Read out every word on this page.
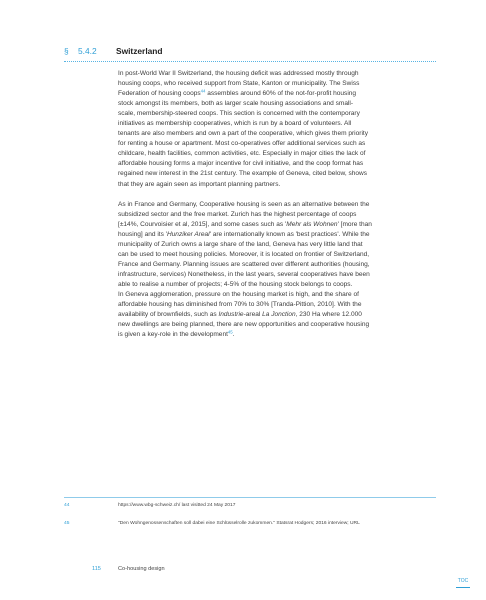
§	5.4.2	Switzerland

In post-World War II Switzerland, the housing deficit was addressed mostly through
housing coops, who received support from State, Kanton or municipality. The Swiss
Federation of housing coops$^{44}$ assembles around 60% of the not-for-profit housing
stock amongst its members, both as larger scale housing associations and small-
scale, membership-steered coops. This section is concerned with the contemporary
initiatives as membership cooperatives, which is run by a board of volunteers. All
tenants are also members and own a part of the cooperative, which gives them priority
for renting a house or apartment. Most co-operatives offer additional services such as
childcare, health facilities, common activities, etc. Especially in major cities the lack of
affordable housing forms a major incentive for civil initiative, and the coop format has
regained new interest in the 21st century. The example of Geneva, cited below, shows
that they are again seen as important planning partners.

As in France and Germany, Cooperative housing is seen as an alternative between the
subsidized sector and the free market. Zurich has the highest percentage of coops
[±14%, Courvoisier et al, 2015], and some cases such as 'Mehr als Wohnen' [more than
housing] and its 'Hunziker Areal' are internationally known as 'best practices'. While the
municipality of Zurich owns a large share of the land, Geneva has very little land that
can be used to meet housing policies. Moreover, it is located on frontier of Switzerland,
France and Germany. Planning issues are scattered over different authorities (housing,
infrastructure, services) Nonetheless, in the last years, several cooperatives have been
able to realise a number of projects; 4-5% of the housing stock belongs to coops.
In Geneva agglomeration, pressure on the housing market is high, and the share of
affordable housing has diminished from 70% to 30% [Tranda-Pittion, 2010]. With the
availability of brownfields, such as Industrie-areal La Jonction, 230 Ha where 12.000
new dwellings are being planned, there are new opportunities and cooperative housing
is given a key-role in the development$^{45}$.

44	https://www.wbg-schweiz.ch/ last visitted 24 May 2017
45	"Den Wohngenossenschaften soll dabei eine Schlüsselrolle zukommen." Statsrat Hodgers; 2016 interview; URL
115	Co-housing design
TOC
